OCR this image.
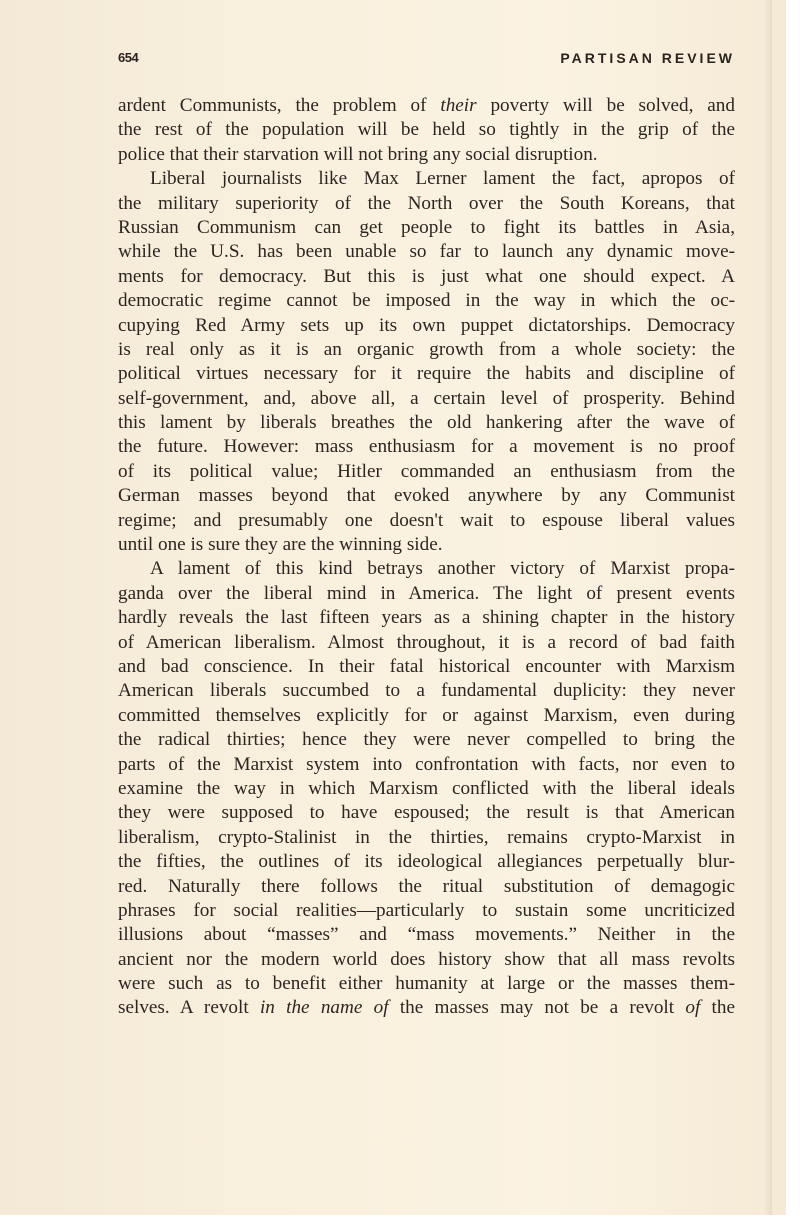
654	PARTISAN REVIEW
ardent Communists, the problem of their poverty will be solved, and
the rest of the population will be held so tightly in the grip of the
police that their starvation will not bring any social disruption.
Liberal journalists like Max Lerner lament the fact, apropos of
the military superiority of the North over the South Koreans, that
Russian Communism can get people to fight its battles in Asia,
while the U.S. has been unable so far to launch any dynamic move-
ments for democracy. But this is just what one should expect. A
democratic regime cannot be imposed in the way in which the oc-
cupying Red Army sets up its own puppet dictatorships. Democracy
is real only as it is an organic growth from a whole society: the
political virtues necessary for it require the habits and discipline of
self-government, and, above all, a certain level of prosperity. Behind
this lament by liberals breathes the old hankering after the wave of
the future. However: mass enthusiasm for a movement is no proof
of its political value; Hitler commanded an enthusiasm from the
German masses beyond that evoked anywhere by any Communist
regime; and presumably one doesn't wait to espouse liberal values
until one is sure they are the winning side.
A lament of this kind betrays another victory of Marxist propa-
ganda over the liberal mind in America. The light of present events
hardly reveals the last fifteen years as a shining chapter in the history
of American liberalism. Almost throughout, it is a record of bad faith
and bad conscience. In their fatal historical encounter with Marxism
American liberals succumbed to a fundamental duplicity: they never
committed themselves explicitly for or against Marxism, even during
the radical thirties; hence they were never compelled to bring the
parts of the Marxist system into confrontation with facts, nor even to
examine the way in which Marxism conflicted with the liberal ideals
they were supposed to have espoused; the result is that American
liberalism, crypto-Stalinist in the thirties, remains crypto-Marxist in
the fifties, the outlines of its ideological allegiances perpetually blur-
red. Naturally there follows the ritual substitution of demagogic
phrases for social realities—particularly to sustain some uncriticized
illusions about “masses” and “mass movements.” Neither in the
ancient nor the modern world does history show that all mass revolts
were such as to benefit either humanity at large or the masses them-
selves. A revolt in the name of the masses may not be a revolt of the
